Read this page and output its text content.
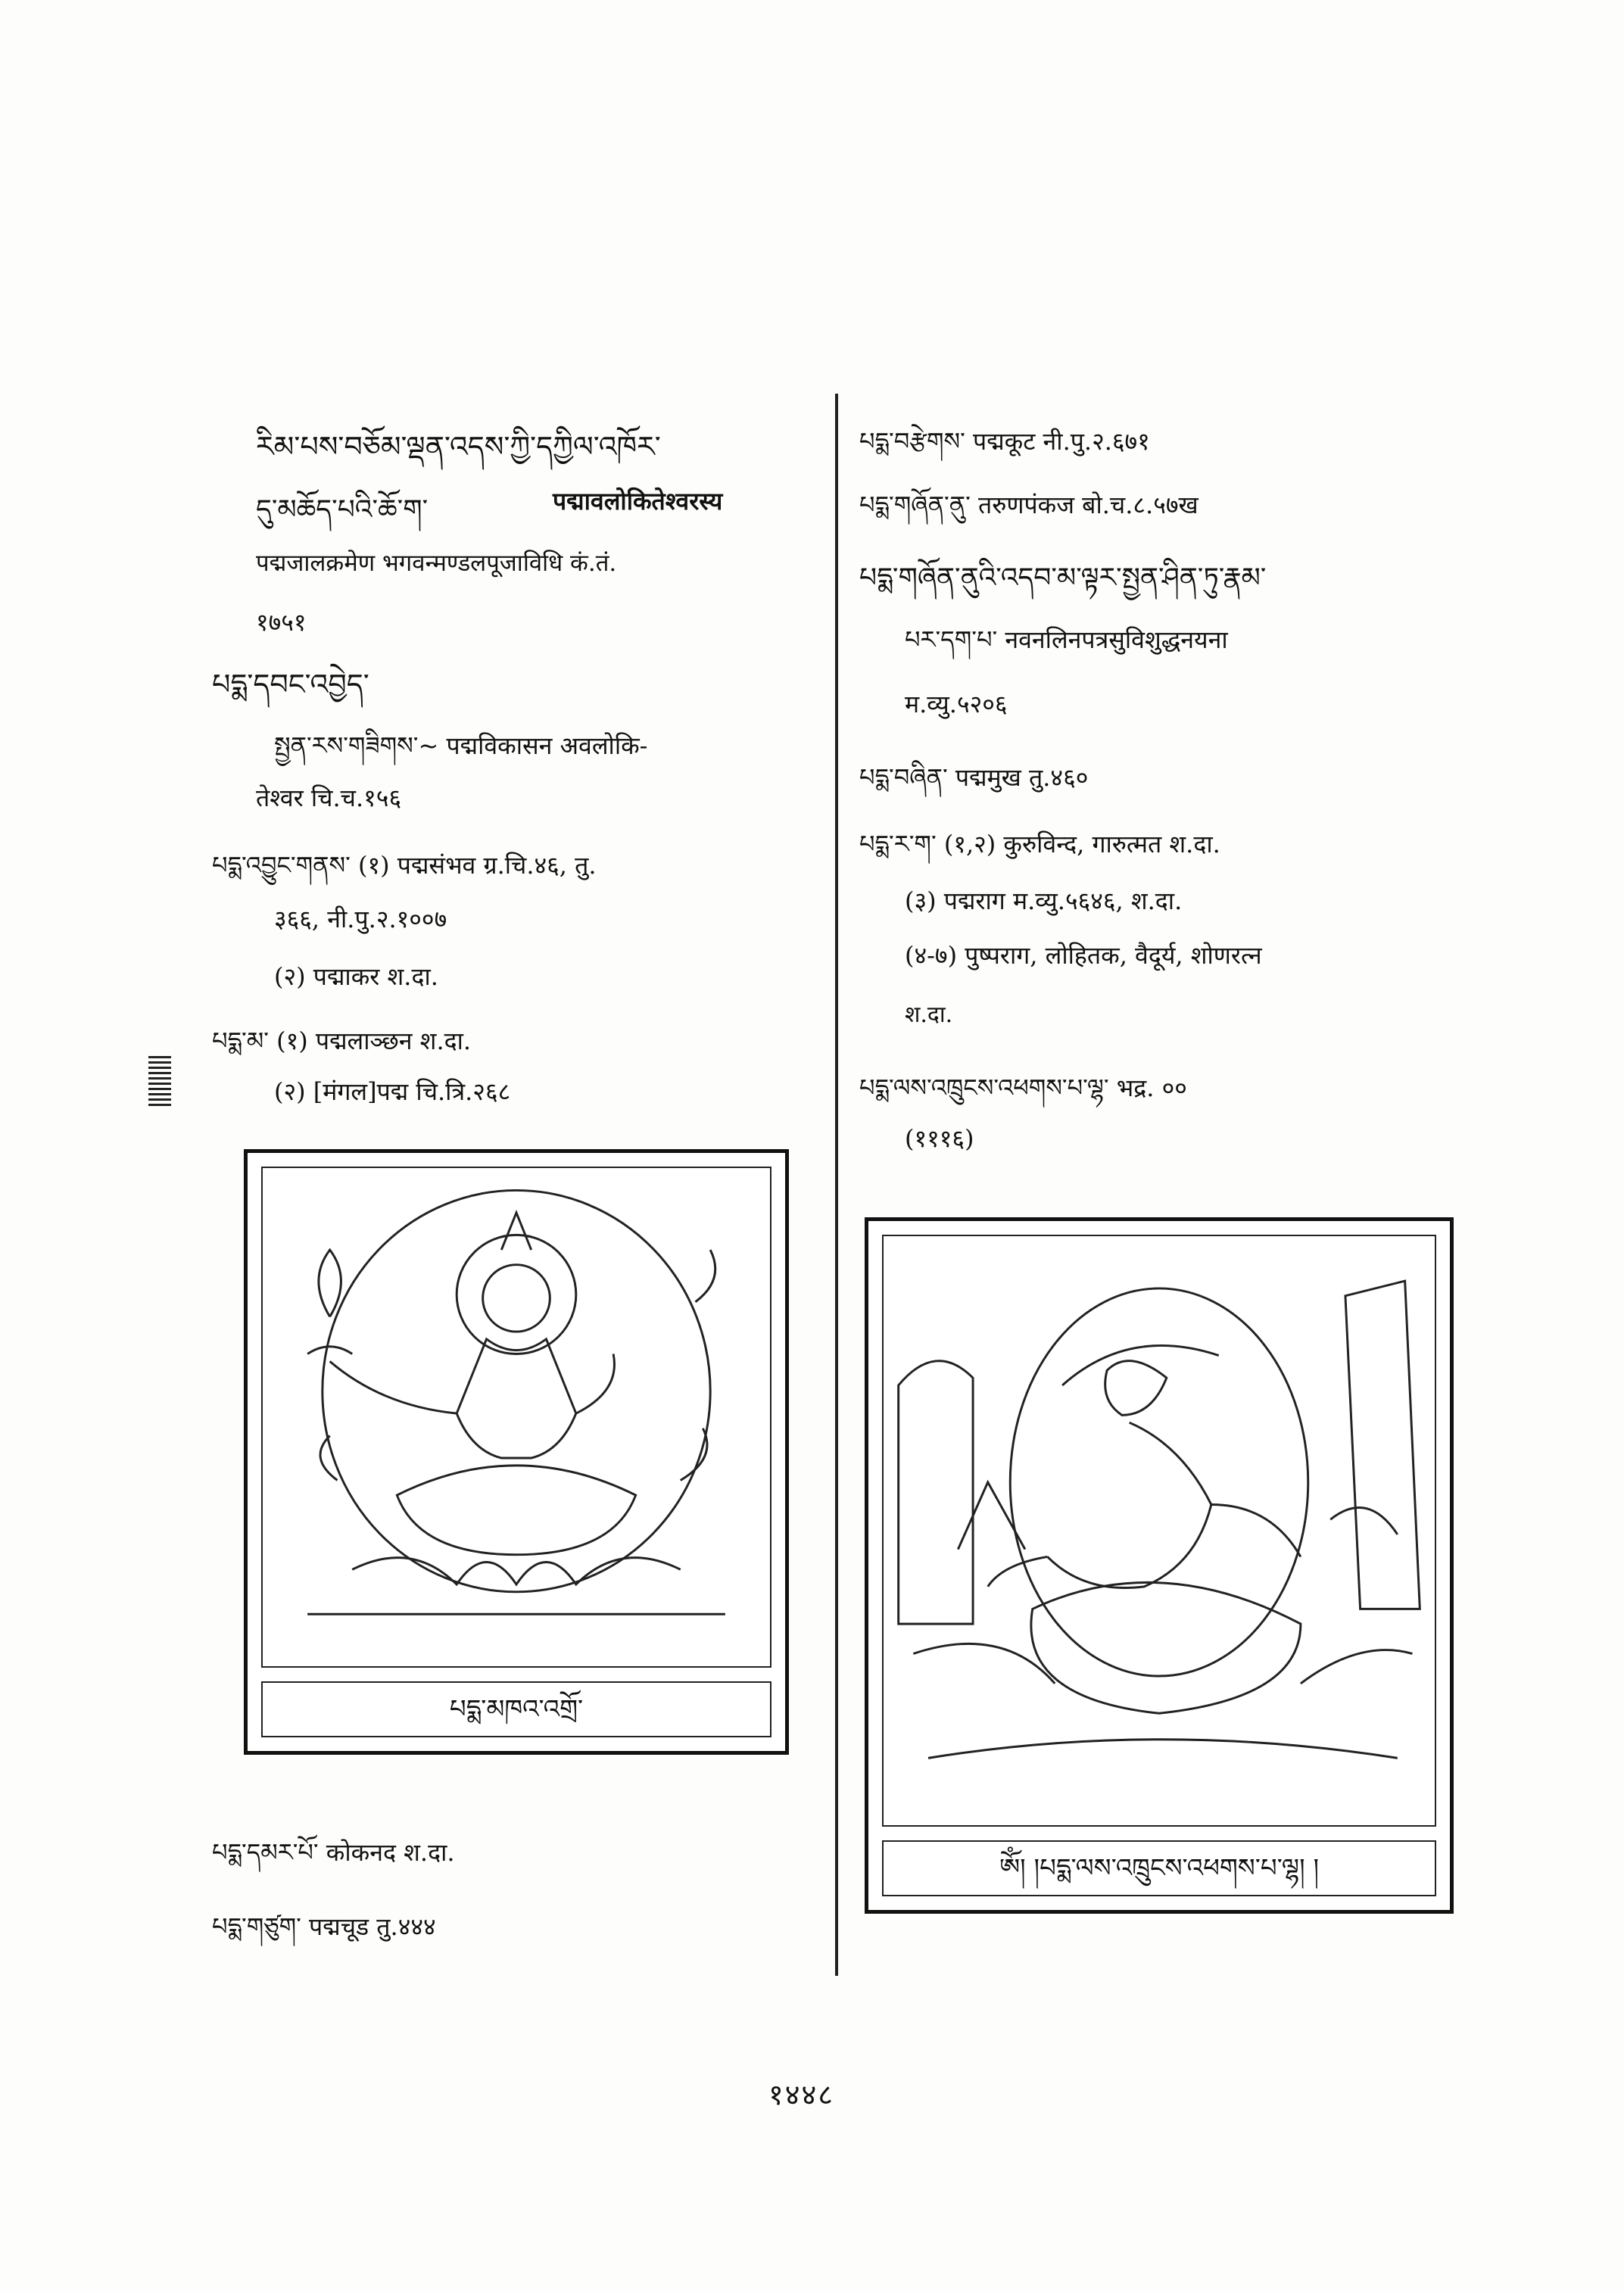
རིམ་པས་བཅོམ་ལྡན་འདས་ཀྱི་དཀྱིལ་འཁོར་
དུ་མཆོད་པའི་ཆོ་ག་	पद्मावलोकितेश्वरस्य
पद्मजालक्रमेण भगवन्मण्डलपूजाविधि कं.तं.
१७५१
པདྨ་དབང་འབྱེད་
སྤྱན་རས་གཟིགས་~ पद्मविकासन अवलोकि-
तेश्वर चि.च.१५६
པདྨ་འབྱུང་གནས་ (१) पद्मसंभव ग्र.चि.४६, तु.
३६६, नी.पु.२.१००७
(२) पद्माकर श.दा.
པདྨ་མ་ (१) पद्मलाञ्छन श.दा.
(२) [मंगल]पद्म चि.त्रि.२६८
པདྨ་དམར་པོ་ कोकनद श.दा.
པདྨ་གཙུག་ पद्मचूड तु.४४४
པདྨ་བརྩེགས་ पद्मकूट नी.पु.२.६७१
པདྨ་གཞོན་ནུ་ तरुणपंकज बो.च.८.५७ख
པདྨ་གཞོན་ནུའི་འདབ་མ་ལྟར་སྤྱན་ཤིན་ཏུ་རྣམ་
པར་དག་པ་ नवनलिनपत्रसुविशुद्धनयना
म.व्यु.५२०६
པདྨ་བཞིན་ पद्ममुख तु.४६०
པདྨ་ར་ག་ (१,२) कुरुविन्द, गारुत्मत श.दा.
(३) पद्मराग म.व्यु.५६४६, श.दा.
(४-७) पुष्पराग, लोहितक, वैदूर्य, शोणरत्न
श.दा.
པདྨ་ལས་འཁྲུངས་འཕགས་པ་ལྷ་ भद्र. ००
(१११६)
པདྨ་མཁའ་འགྲོ་
ༀ། །པདྨ་ལས་འཁྲུངས་འཕགས་པ་ལྷ། །
१४४८
